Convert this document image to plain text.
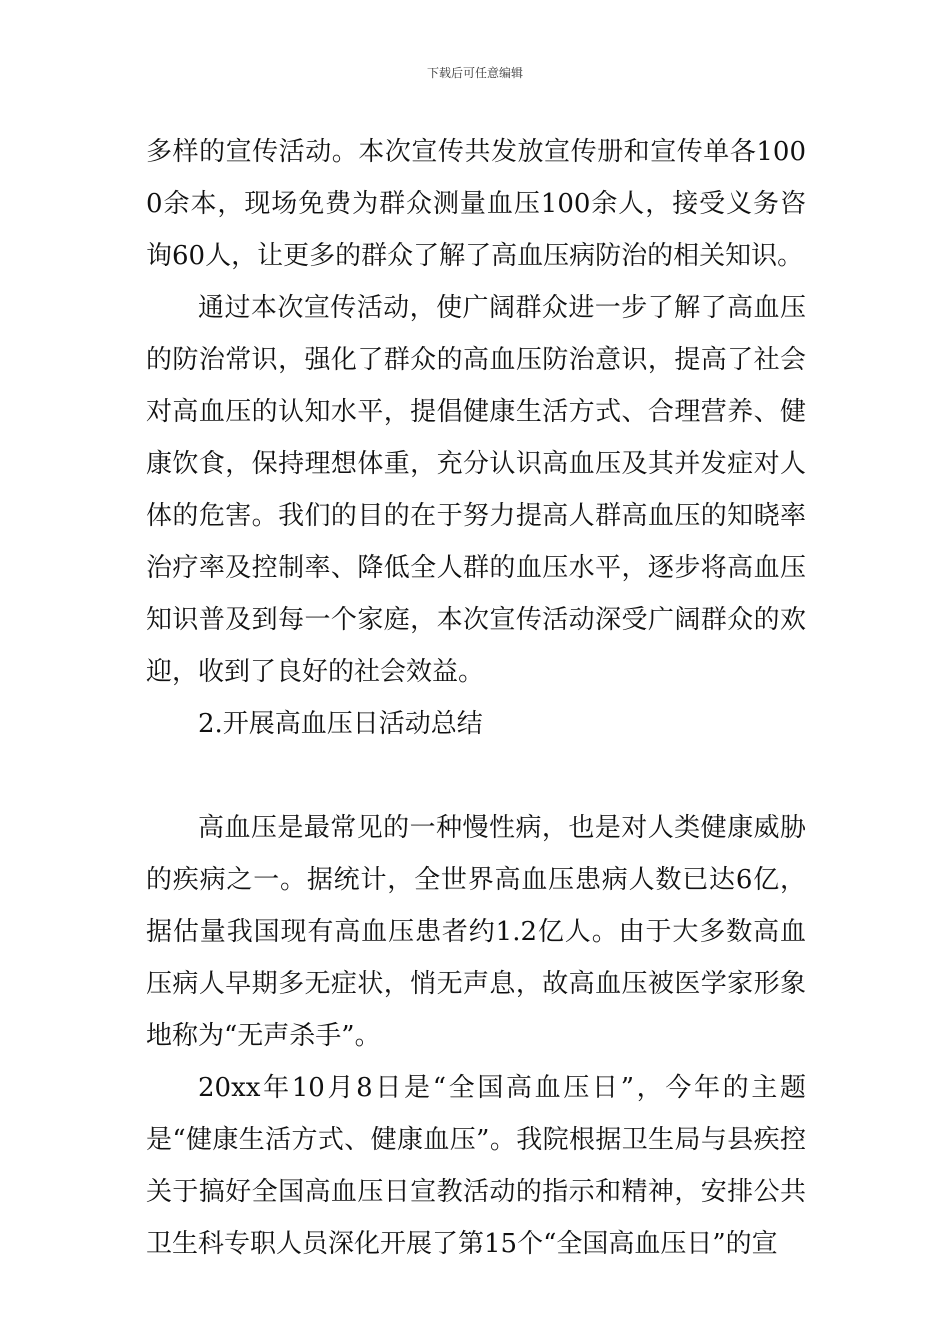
下载后可任意编辑

多样的宣传活动。本次宣传共发放宣传册和宣传单各1000余本，现场免费为群众测量血压100余人，接受义务咨询60人，让更多的群众了解了高血压病防治的相关知识。

通过本次宣传活动，使广阔群众进一步了解了高血压的防治常识，强化了群众的高血压防治意识，提高了社会对高血压的认知水平，提倡健康生活方式、合理营养、健康饮食，保持理想体重，充分认识高血压及其并发症对人体的危害。我们的目的在于努力提高人群高血压的知晓率治疗率及控制率、降低全人群的血压水平，逐步将高血压知识普及到每一个家庭，本次宣传活动深受广阔群众的欢迎，收到了良好的社会效益。

2.开展高血压日活动总结

高血压是最常见的一种慢性病，也是对人类健康威胁的疾病之一。据统计，全世界高血压患病人数已达6亿，据估量我国现有高血压患者约1.2亿人。由于大多数高血压病人早期多无症状，悄无声息，故高血压被医学家形象地称为“无声杀手”。

20xx年10月8日是“全国高血压日”，今年的主题是“健康生活方式、健康血压”。我院根据卫生局与县疾控关于搞好全国高血压日宣教活动的指示和精神，安排公共卫生科专职人员深化开展了第15个“全国高血压日”的宣
